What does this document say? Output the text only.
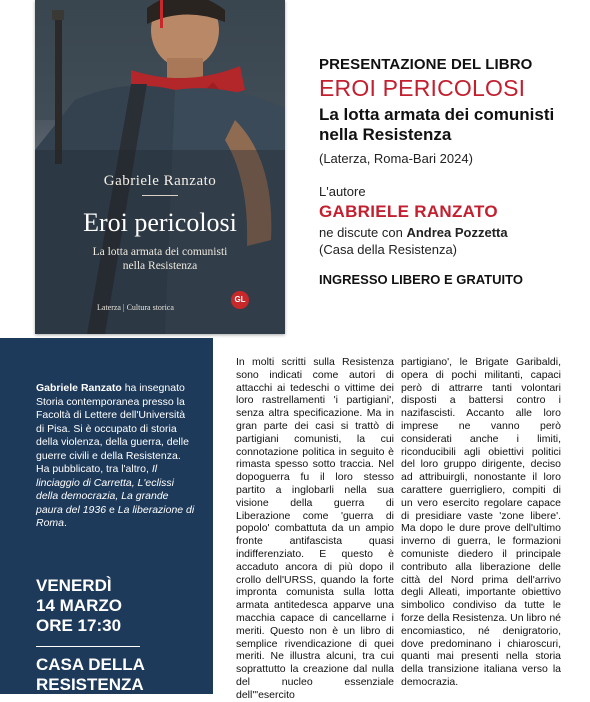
Gabriele Ranzato
Eroi pericolosi
La lotta armata dei comunisti
nella Resistenza
Laterza | Cultura storica
GL

PRESENTAZIONE DEL LIBRO

EROI PERICOLOSI

La lotta armata dei comunisti
nella Resistenza

(Laterza, Roma-Bari 2024)

L'autore

GABRIELE RANZATO

ne discute con Andrea Pozzetta

(Casa della Resistenza)

INGRESSO LIBERO E GRATUITO

Gabriele Ranzato ha insegnato Storia contemporanea presso la Facoltà di Lettere dell'Università di Pisa. Si è occupato di storia della violenza, della guerra, delle guerre civili e della Resistenza. Ha pubblicato, tra l'altro, Il linciaggio di Carretta, L'eclissi della democrazia, La grande paura del 1936 e La liberazione di Roma.
VENERDÌ
14 MARZO
ORE 17:30
CASA DELLA
RESISTENZA
In molti scritti sulla Resistenza sono indicati come autori di attacchi ai tedeschi o vittime dei loro rastrellamenti 'i partigiani', senza altra specificazione. Ma in gran parte dei casi si trattò di partigiani comunisti, la cui connotazione politica in seguito è rimasta spesso sotto traccia. Nel dopoguerra fu il loro stesso partito a inglobarli nella sua visione della guerra di Liberazione come 'guerra di popolo' combattuta da un ampio fronte antifascista quasi indifferenziato. E questo è accaduto ancora di più dopo il crollo dell'URSS, quando la forte impronta comunista sulla lotta armata antitedesca apparve una macchia capace di cancellarne i meriti. Questo non è un libro di semplice rivendicazione di quei meriti. Ne illustra alcuni, tra cui soprattutto la creazione dal nulla del nucleo essenziale dell'"esercito
partigiano', le Brigate Garibaldi, opera di pochi militanti, capaci però di attrarre tanti volontari disposti a battersi contro i nazifascisti. Accanto alle loro imprese ne vanno però considerati anche i limiti, riconducibili agli obiettivi politici del loro gruppo dirigente, deciso ad attribuirgli, nonostante il loro carattere guerrigliero, compiti di un vero esercito regolare capace di presidiare vaste 'zone libere'. Ma dopo le dure prove dell'ultimo inverno di guerra, le formazioni comuniste diedero il principale contributo alla liberazione delle città del Nord prima dell'arrivo degli Alleati, importante obiettivo simbolico condiviso da tutte le forze della Resistenza. Un libro né encomiastico, né denigratorio, dove predominano i chiaroscuri, quanti mai presenti nella storia della transizione italiana verso la democrazia.
